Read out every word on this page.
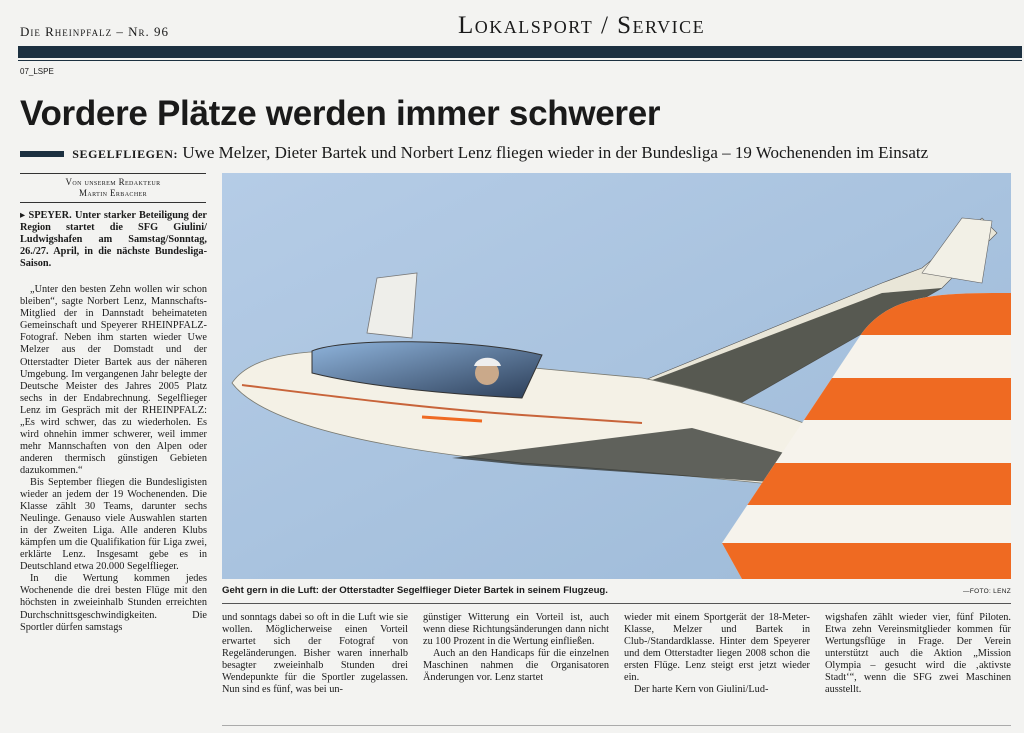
Die Rheinpfalz – Nr. 96	Lokalsport / Service
07_LSPE
Vordere Plätze werden immer schwerer
SEGELFLIEGEN: Uwe Melzer, Dieter Bartek und Norbert Lenz fliegen wieder in der Bundesliga – 19 Wochenenden im Einsatz
Von unserem Redakteur
Martin Erbacher

▸ SPEYER. Unter starker Beteiligung der Region startet die SFG Giulini/ Ludwigshafen am Samstag/Sonntag, 26./27. April, in die nächste Bundesliga-Saison.

„Unter den besten Zehn wollen wir schon bleiben“, sagte Norbert Lenz, Mannschafts-Mitglied der in Dannstadt beheimateten Gemeinschaft und Speyerer RHEINPFALZ-Fotograf. Neben ihm starten wieder Uwe Melzer aus der Domstadt und der Otterstadter Dieter Bartek aus der näheren Umgebung. Im vergangenen Jahr belegte der Deutsche Meister des Jahres 2005 Platz sechs in der Endabrechnung. Segelflieger Lenz im Gespräch mit der RHEINPFALZ: „Es wird schwer, das zu wiederholen. Es wird ohnehin immer schwerer, weil immer mehr Mannschaften von den Alpen oder anderen thermisch günstigen Gebieten dazukommen.“

Bis September fliegen die Bundesligisten wieder an jedem der 19 Wochenenden. Die Klasse zählt 30 Teams, darunter sechs Neulinge. Genauso viele Auswahlen starten in der Zweiten Liga. Alle anderen Klubs kämpfen um die Qualifikation für Liga zwei, erklärte Lenz. Insgesamt gebe es in Deutschland etwa 20.000 Segelflieger.

In die Wertung kommen jedes Wochenende die drei besten Flüge mit den höchsten in zweieinhalb Stunden erreichten Durchschnittsgeschwindigkeiten. Die Sportler dürfen samstags

Geht gern in die Luft: der Otterstadter Segelflieger Dieter Bartek in seinem Flugzeug.	—FOTO: LENZ

und sonntags dabei so oft in die Luft wie sie wollen. Möglicherweise einen Vorteil erwartet sich der Fotograf von Regeländerungen. Bisher waren innerhalb besagter zweieinhalb Stunden drei Wendepunkte für die Sportler zugelassen. Nun sind es fünf, was bei un-

günstiger Witterung ein Vorteil ist, auch wenn diese Richtungsänderungen dann nicht zu 100 Prozent in die Wertung einfließen.

Auch an den Handicaps für die einzelnen Maschinen nahmen die Organisatoren Änderungen vor. Lenz startet

wieder mit einem Sportgerät der 18-Meter-Klasse, Melzer und Bartek in Club-/Standardklasse. Hinter dem Speyerer und dem Otterstadter liegen 2008 schon die ersten Flüge. Lenz steigt erst jetzt wieder ein.

Der harte Kern von Giulini/Lud-

wigshafen zählt wieder vier, fünf Piloten. Etwa zehn Vereinsmitglieder kommen für Wertungsflüge in Frage. Der Verein unterstützt auch die Aktion „Mission Olympia – gesucht wird die ‚aktivste Stadt‘“, wenn die SFG zwei Maschinen ausstellt.
